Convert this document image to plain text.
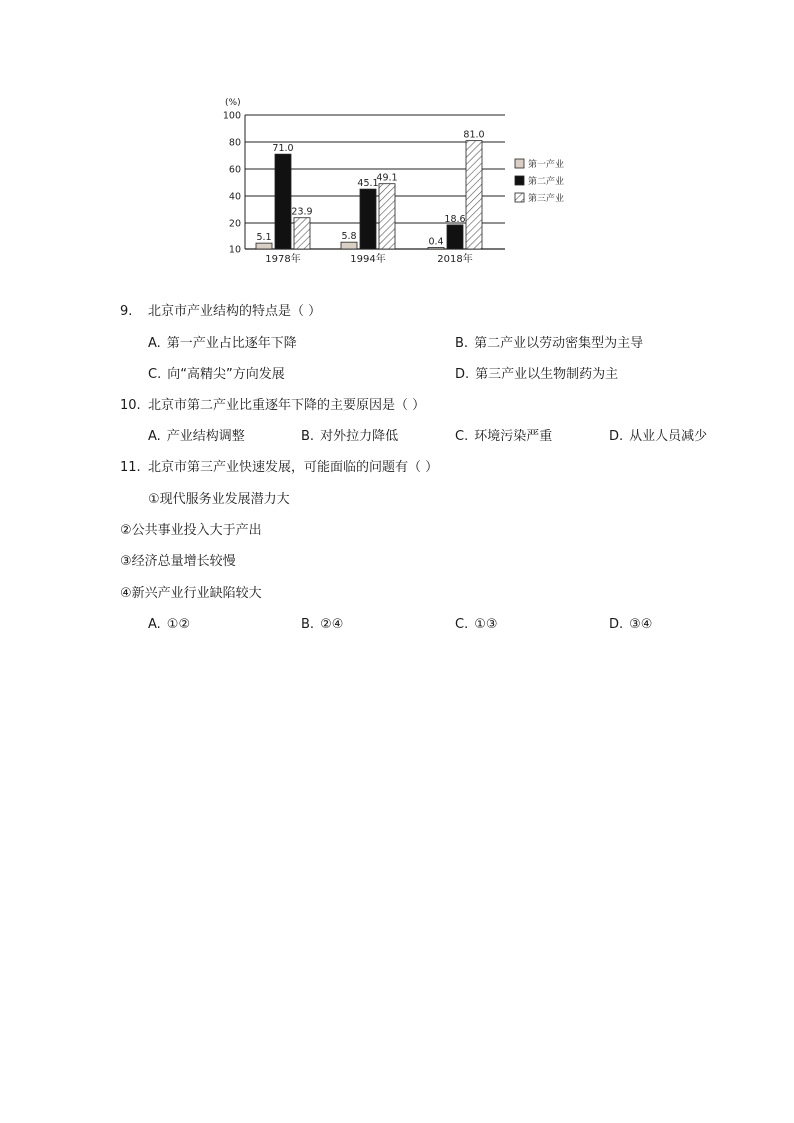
100
80
60
40
20
10
5.1
71.0
23.9
5.8
45.1
49.1
0.4
18.6
81.0
1978年	1994年	2018年
第一产业
第二产业
第三产业
(%)
9. 北京市产业结构的特点是（ ）
A. 第一产业占比逐年下降	B. 第二产业以劳动密集型为主导
C. 向“高精尖”方向发展	D. 第三产业以生物制药为主
10. 北京市第二产业比重逐年下降的主要原因是（ ）
A. 产业结构调整	B. 对外拉力降低	C. 环境污染严重	D. 从业人员减少
11. 北京市第三产业快速发展，可能面临的问题有（ ）
①现代服务业发展潜力大
②公共事业投入大于产出
③经济总量增长较慢
④新兴产业行业缺陷较大
A. ①②	B. ②④	C. ①③	D. ③④
